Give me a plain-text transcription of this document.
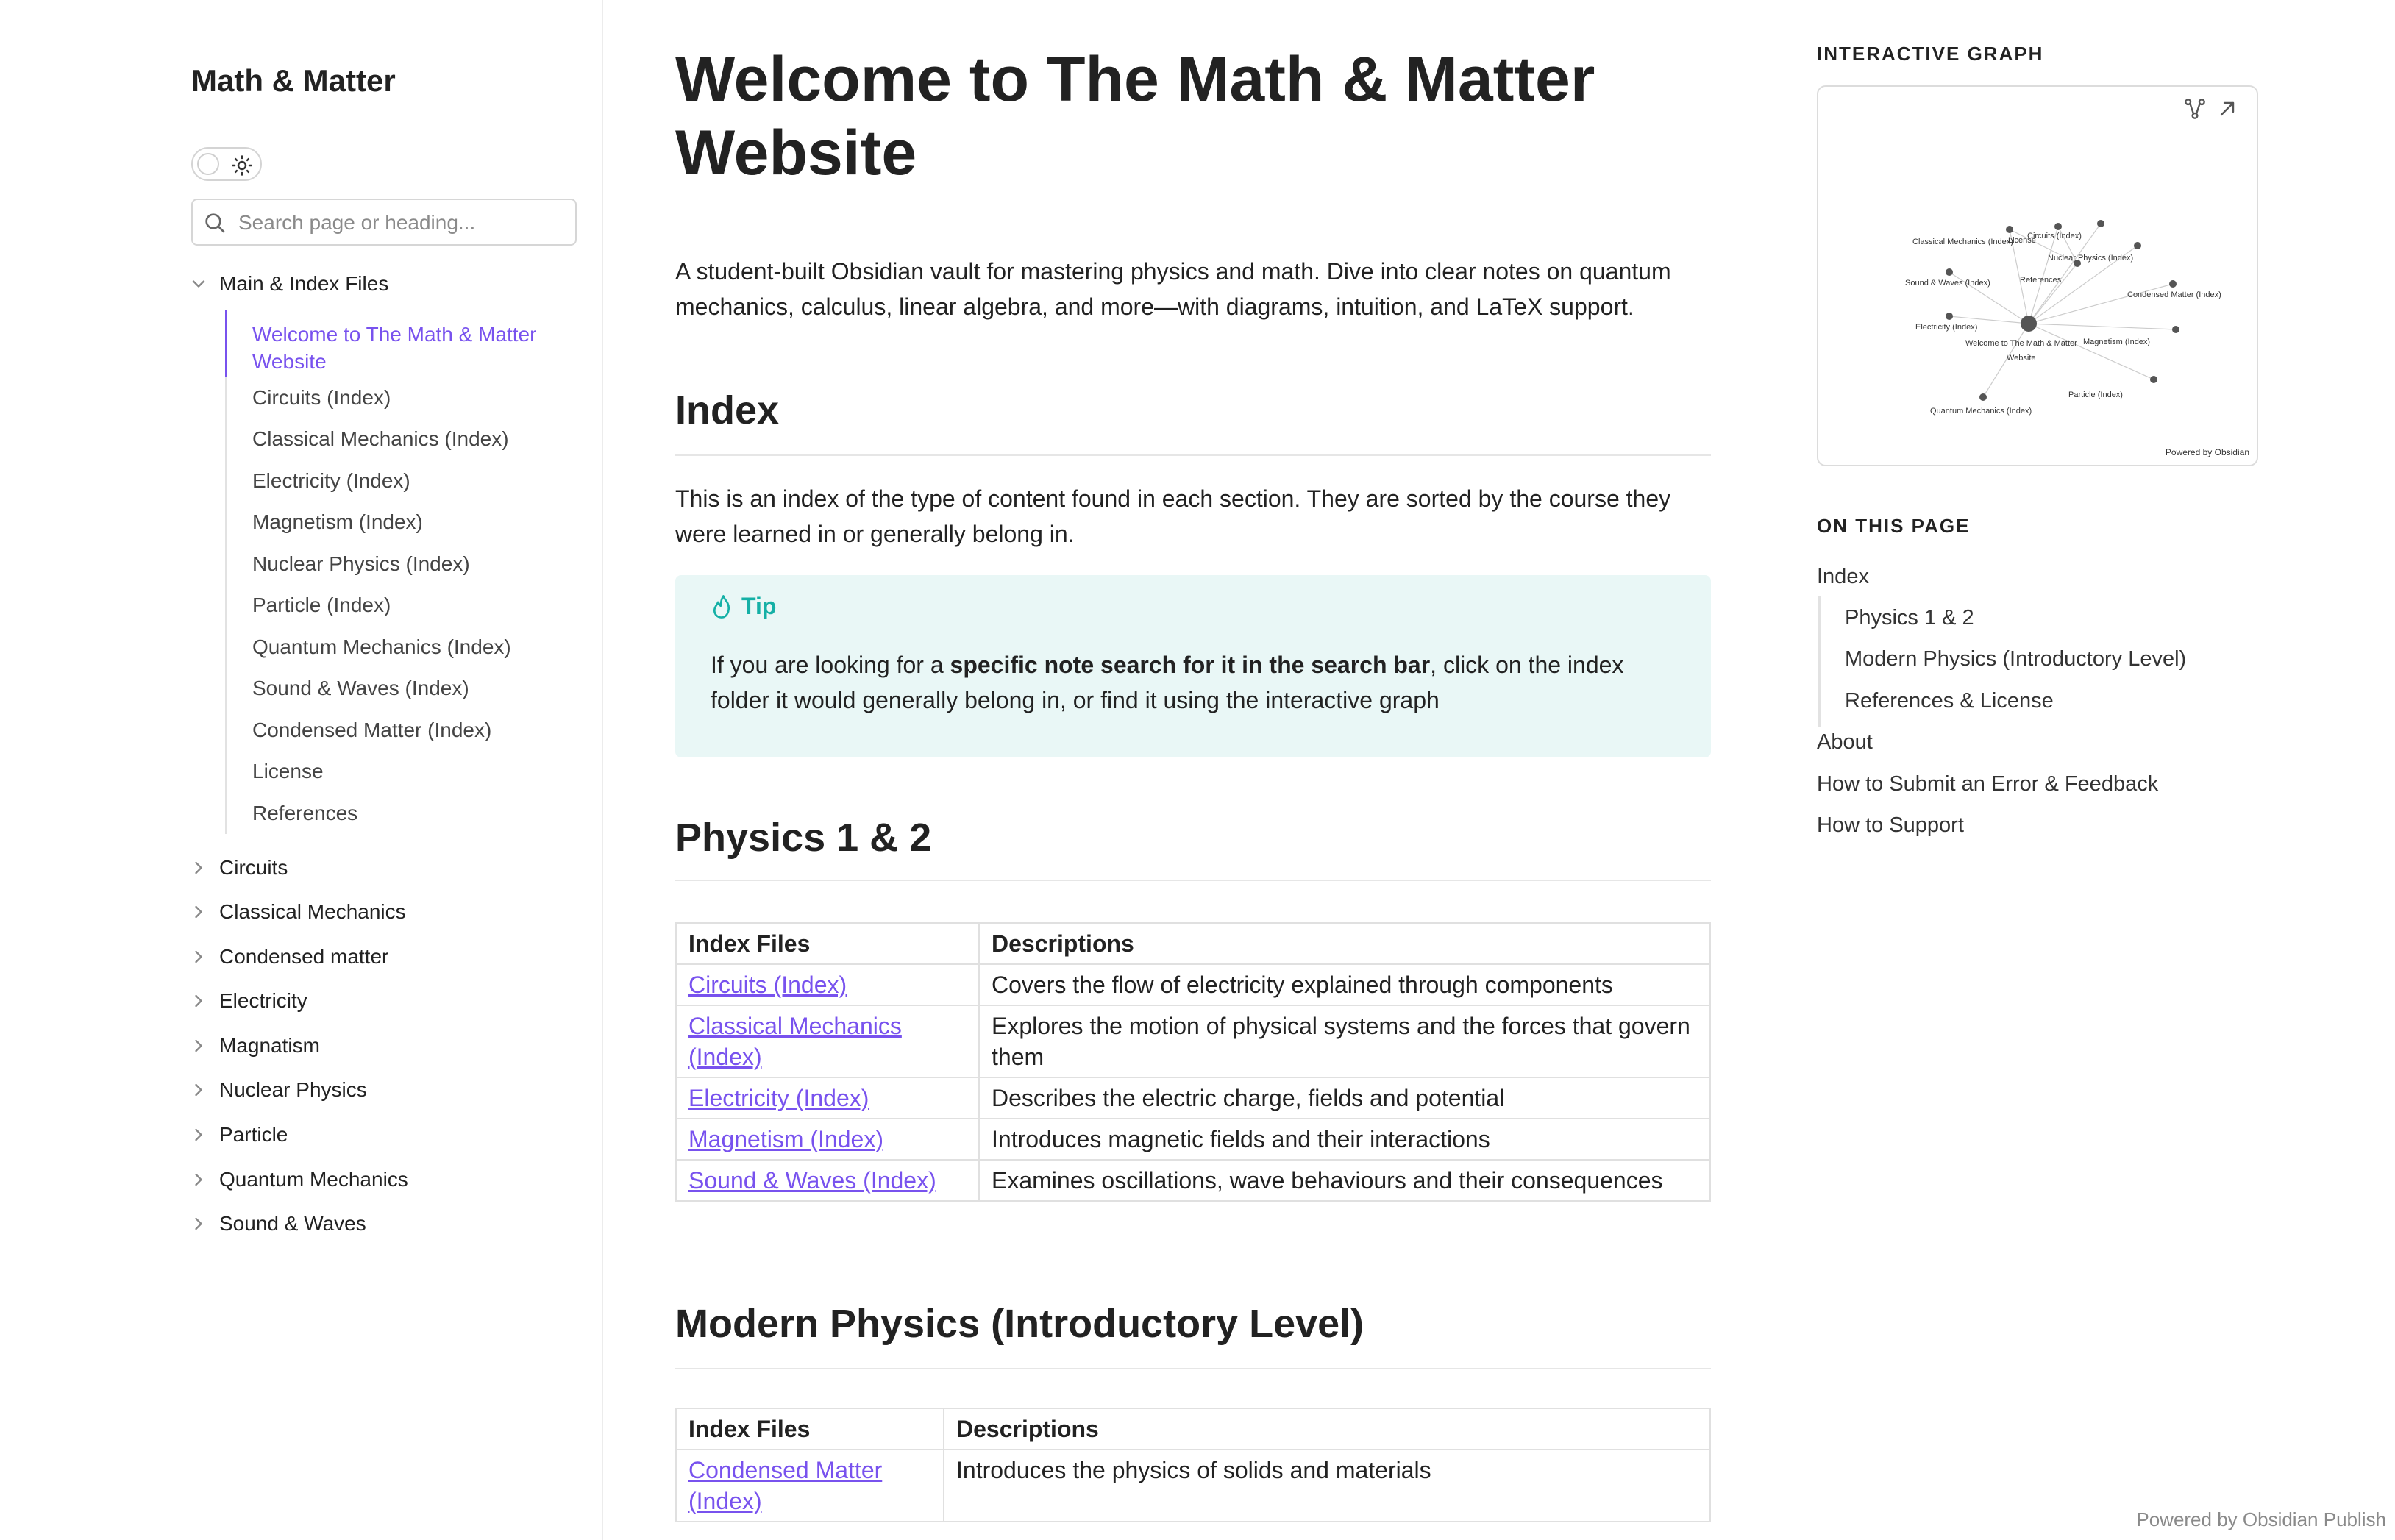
Math & Matter
Search page or heading...
Main & Index Files
Welcome to The Math & Matter Website
Circuits (Index)
Classical Mechanics (Index)
Electricity (Index)
Magnetism (Index)
Nuclear Physics (Index)
Particle (Index)
Quantum Mechanics (Index)
Sound & Waves (Index)
Condensed Matter (Index)
License
References
Circuits
Classical Mechanics
Condensed matter
Electricity
Magnatism
Nuclear Physics
Particle
Quantum Mechanics
Sound & Waves
Welcome to The Math & Matter Website

A student-built Obsidian vault for mastering physics and math. Dive into clear notes on quantum mechanics, calculus, linear algebra, and more—with diagrams, intuition, and LaTeX support.

Index

This is an index of the type of content found in each section. They are sorted by the course they were learned in or generally belong in.

Tip
If you are looking for a specific note search for it in the search bar, click on the index folder it would generally belong in, or find it using the interactive graph
Physics 1 & 2
Index Files	Descriptions
Circuits (Index)	Covers the flow of electricity explained through components
Classical Mechanics (Index)	Explores the motion of physical systems and the forces that govern them
Electricity (Index)	Describes the electric charge, fields and potential
Magnetism (Index)	Introduces magnetic fields and their interactions
Sound & Waves (Index)	Examines oscillations, wave behaviours and their consequences
Modern Physics (Introductory Level)
Index Files	Descriptions
Condensed Matter (Index)	Introduces the physics of solids and materials
INTERACTIVE GRAPH
Classical Mechanics (Index)
License
Circuits (Index)
Nuclear Physics (Index)
References
Sound & Waves (Index)
Condensed Matter (Index)
Electricity (Index)
Magnetism (Index)
Particle (Index)
Quantum Mechanics (Index)
Welcome to The Math & Matter
Website
Powered by Obsidian
ON THIS PAGE
Index
Physics 1 & 2
Modern Physics (Introductory Level)
References & License
About
How to Submit an Error & Feedback
How to Support
Powered by Obsidian Publish
